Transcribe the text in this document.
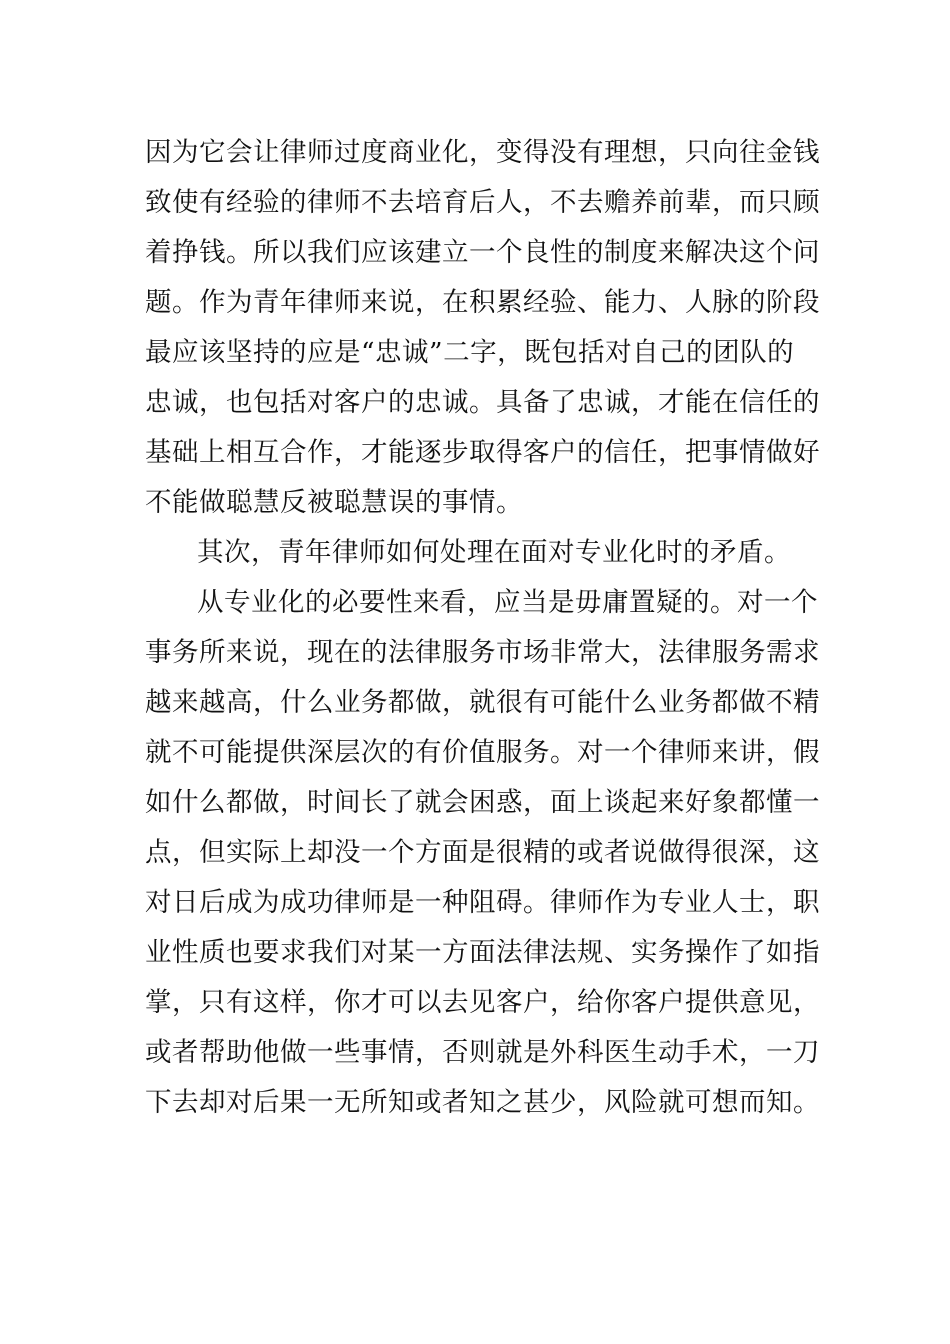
因为它会让律师过度商业化，变得没有理想，只向往金钱
致使有经验的律师不去培育后人，不去赡养前辈，而只顾
着挣钱。所以我们应该建立一个良性的制度来解决这个问
题。作为青年律师来说，在积累经验、能力、人脉的阶段
最应该坚持的应是“忠诚”二字，既包括对自己的团队的
忠诚，也包括对客户的忠诚。具备了忠诚，才能在信任的
基础上相互合作，才能逐步取得客户的信任，把事情做好
不能做聪慧反被聪慧误的事情。
其次，青年律师如何处理在面对专业化时的矛盾。
从专业化的必要性来看，应当是毋庸置疑的。对一个
事务所来说，现在的法律服务市场非常大，法律服务需求
越来越高，什么业务都做，就很有可能什么业务都做不精
就不可能提供深层次的有价值服务。对一个律师来讲，假
如什么都做，时间长了就会困惑，面上谈起来好象都懂一
点，但实际上却没一个方面是很精的或者说做得很深，这
对日后成为成功律师是一种阻碍。律师作为专业人士，职
业性质也要求我们对某一方面法律法规、实务操作了如指
掌，只有这样，你才可以去见客户，给你客户提供意见，
或者帮助他做一些事情，否则就是外科医生动手术，一刀
下去却对后果一无所知或者知之甚少，风险就可想而知。
